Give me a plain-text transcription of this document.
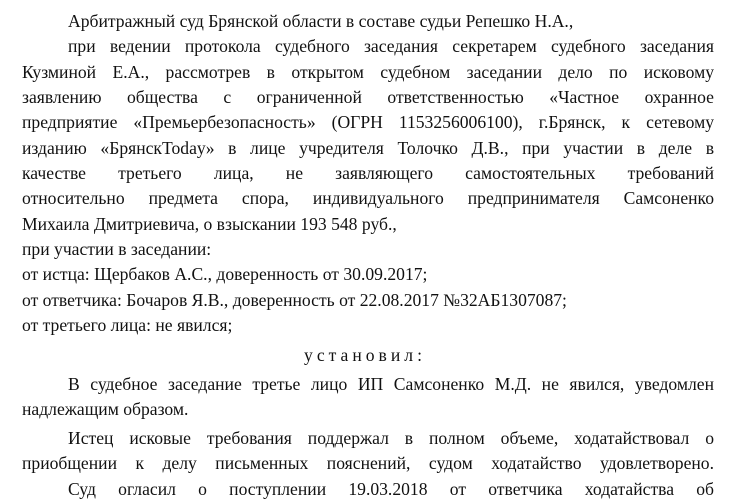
Арбитражный суд Брянской области в составе судьи Репешко Н.А.,
при ведении протокола судебного заседания секретарем судебного заседания
Кузминой Е.А., рассмотрев в открытом судебном заседании дело по исковому
заявлению общества с ограниченной ответственностью «Частное охранное
предприятие «Премьербезопасность» (ОГРН 1153256006100), г.Брянск, к сетевому
изданию «БрянскToday» в лице учредителя Толочко Д.В., при участии в деле в
качестве третьего лица, не заявляющего самостоятельных требований
относительно предмета спора, индивидуального предпринимателя Самсоненко
Михаила Дмитриевича, о взыскании 193 548 руб.,
при участии в заседании:
от истца: Щербаков А.С., доверенность от 30.09.2017;
от ответчика: Бочаров Я.В., доверенность от 22.08.2017 №32АБ1307087;
от третьего лица: не явился;
установил:
В судебное заседание третье лицо ИП Самсоненко М.Д. не явился, уведомлен
надлежащим образом.
Истец исковые требования поддержал в полном объеме, ходатайствовал о
приобщении к делу письменных пояснений, судом ходатайство удовлетворено.
Суд огласил о поступлении 19.03.2018 от ответчика ходатайства об
